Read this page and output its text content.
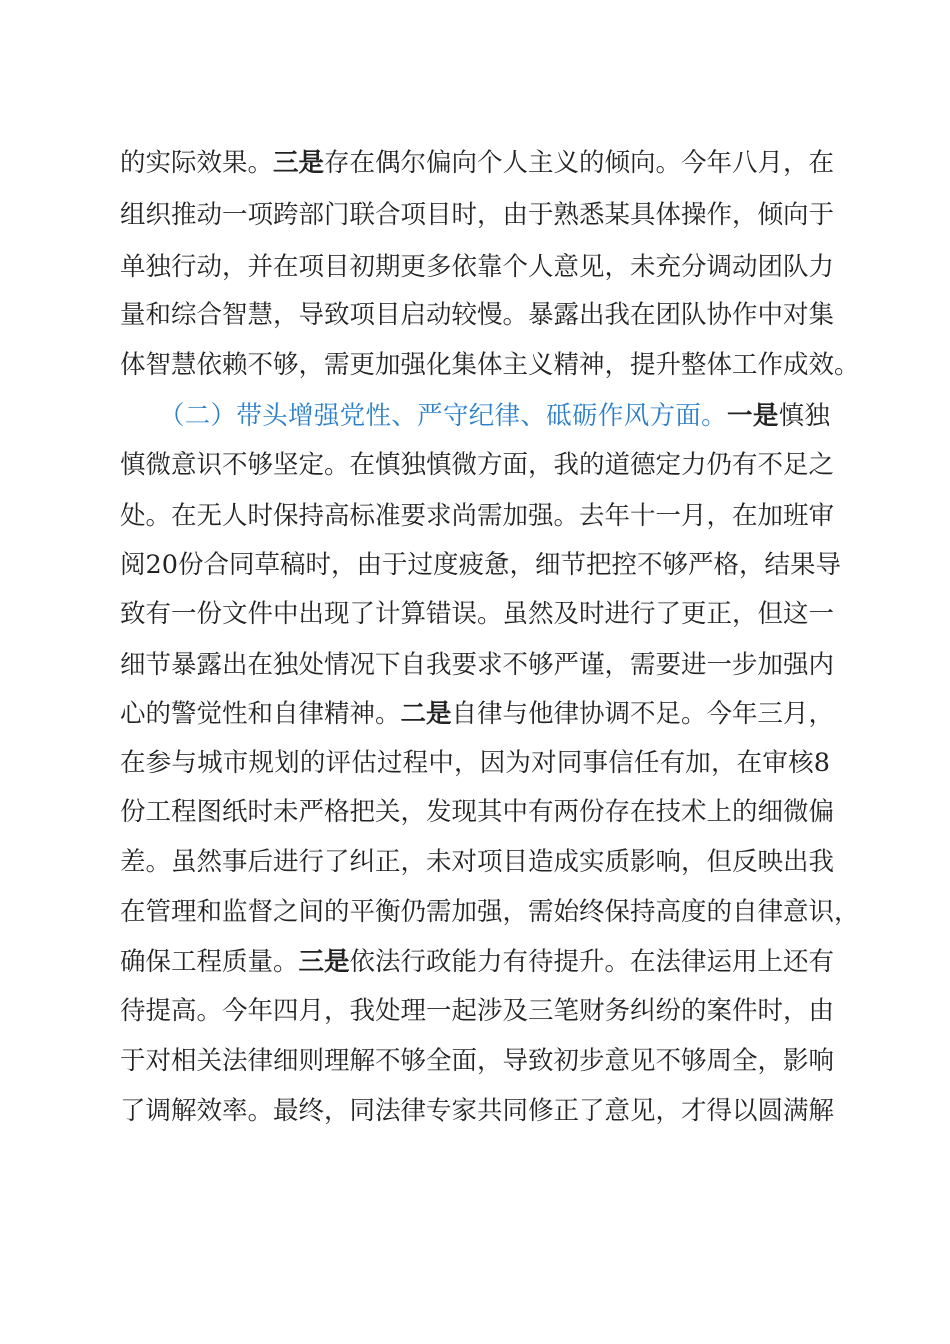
的实际效果。三是存在偶尔偏向个人主义的倾向。今年八月，在
组织推动一项跨部门联合项目时，由于熟悉某具体操作，倾向于
单独行动，并在项目初期更多依靠个人意见，未充分调动团队力
量和综合智慧，导致项目启动较慢。暴露出我在团队协作中对集
体智慧依赖不够，需更加强化集体主义精神，提升整体工作成效。
　　（二）带头增强党性、严守纪律、砥砺作风方面。一是慎独
慎微意识不够坚定。在慎独慎微方面，我的道德定力仍有不足之
处。在无人时保持高标准要求尚需加强。去年十一月，在加班审
阅20份合同草稿时，由于过度疲惫，细节把控不够严格，结果导
致有一份文件中出现了计算错误。虽然及时进行了更正，但这一
细节暴露出在独处情况下自我要求不够严谨，需要进一步加强内
心的警觉性和自律精神。二是自律与他律协调不足。今年三月，
在参与城市规划的评估过程中，因为对同事信任有加，在审核8
份工程图纸时未严格把关，发现其中有两份存在技术上的细微偏
差。虽然事后进行了纠正，未对项目造成实质影响，但反映出我
在管理和监督之间的平衡仍需加强，需始终保持高度的自律意识，
确保工程质量。三是依法行政能力有待提升。在法律运用上还有
待提高。今年四月，我处理一起涉及三笔财务纠纷的案件时，由
于对相关法律细则理解不够全面，导致初步意见不够周全，影响
了调解效率。最终，同法律专家共同修正了意见，才得以圆满解
